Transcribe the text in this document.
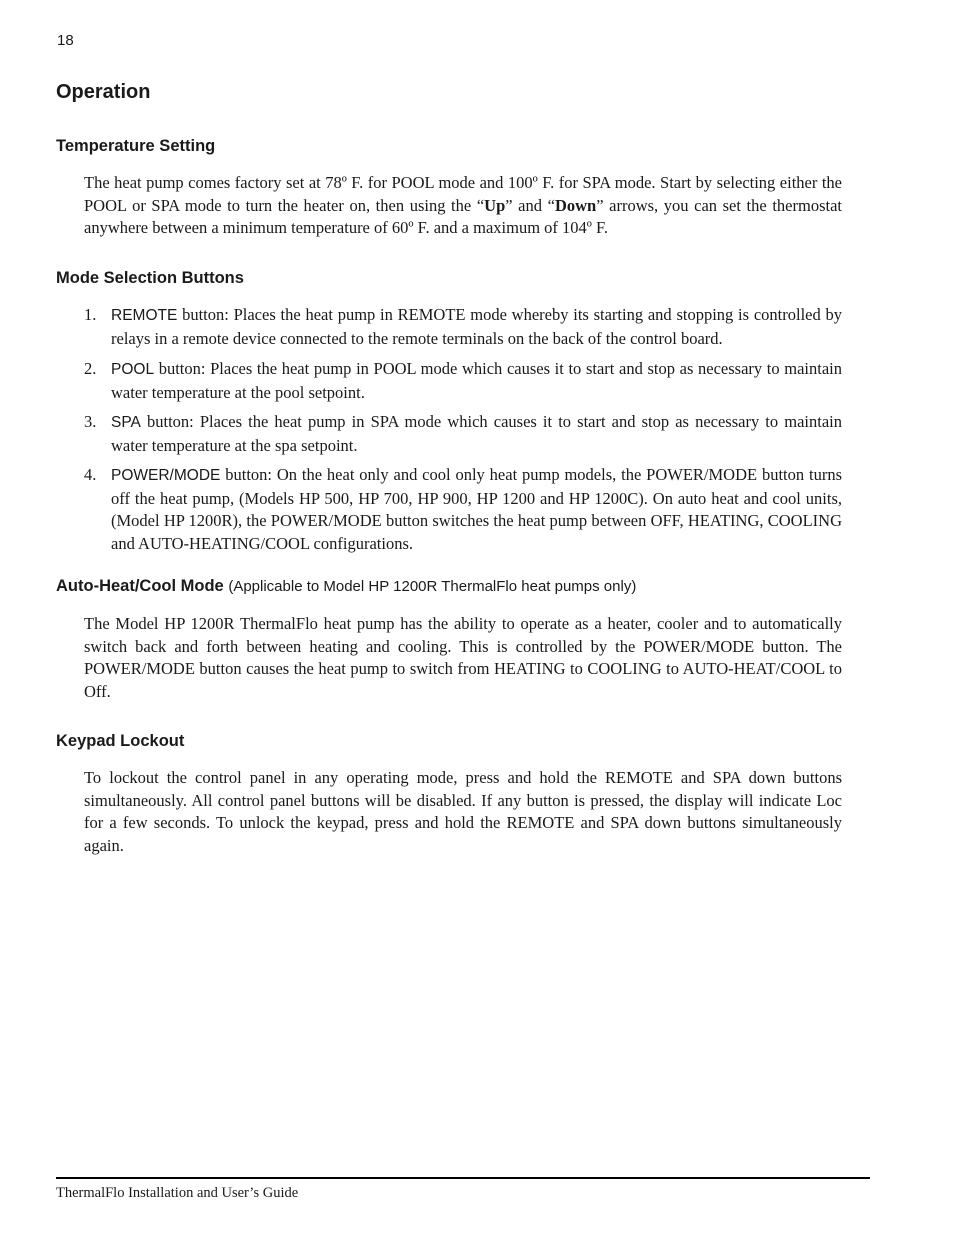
18
Operation
Temperature Setting

The heat pump comes factory set at 78º F. for POOL mode and 100º F. for SPA mode. Start by selecting either the POOL or SPA mode to turn the heater on, then using the “Up” and “Down” arrows, you can set the thermostat anywhere between a minimum temperature of 60º F. and a maximum of 104º F.

Mode Selection Buttons
1. REMOTE button: Places the heat pump in REMOTE mode whereby its starting and stopping is controlled by relays in a remote device connected to the remote terminals on the back of the control board.
2. POOL button: Places the heat pump in POOL mode which causes it to start and stop as necessary to maintain water temperature at the pool setpoint.
3. SPA button: Places the heat pump in SPA mode which causes it to start and stop as necessary to maintain water temperature at the spa setpoint.
4. POWER/MODE button: On the heat only and cool only heat pump models, the POWER/MODE button turns off the heat pump, (Models HP 500, HP 700, HP 900, HP 1200 and HP 1200C). On auto heat and cool units, (Model HP 1200R), the POWER/MODE button switches the heat pump between OFF, HEATING, COOLING and AUTO-HEATING/COOL configurations.
Auto-Heat/Cool Mode (Applicable to Model HP 1200R ThermalFlo heat pumps only)

The Model HP 1200R ThermalFlo heat pump has the ability to operate as a heater, cooler and to automatically switch back and forth between heating and cooling. This is controlled by the POWER/MODE button. The POWER/MODE button causes the heat pump to switch from HEATING to COOLING to AUTO-HEAT/COOL to Off.

Keypad Lockout

To lockout the control panel in any operating mode, press and hold the REMOTE and SPA down buttons simultaneously. All control panel buttons will be disabled. If any button is pressed, the display will indicate Loc for a few seconds. To unlock the keypad, press and hold the REMOTE and SPA down buttons simultaneously again.

ThermalFlo Installation and User’s Guide
